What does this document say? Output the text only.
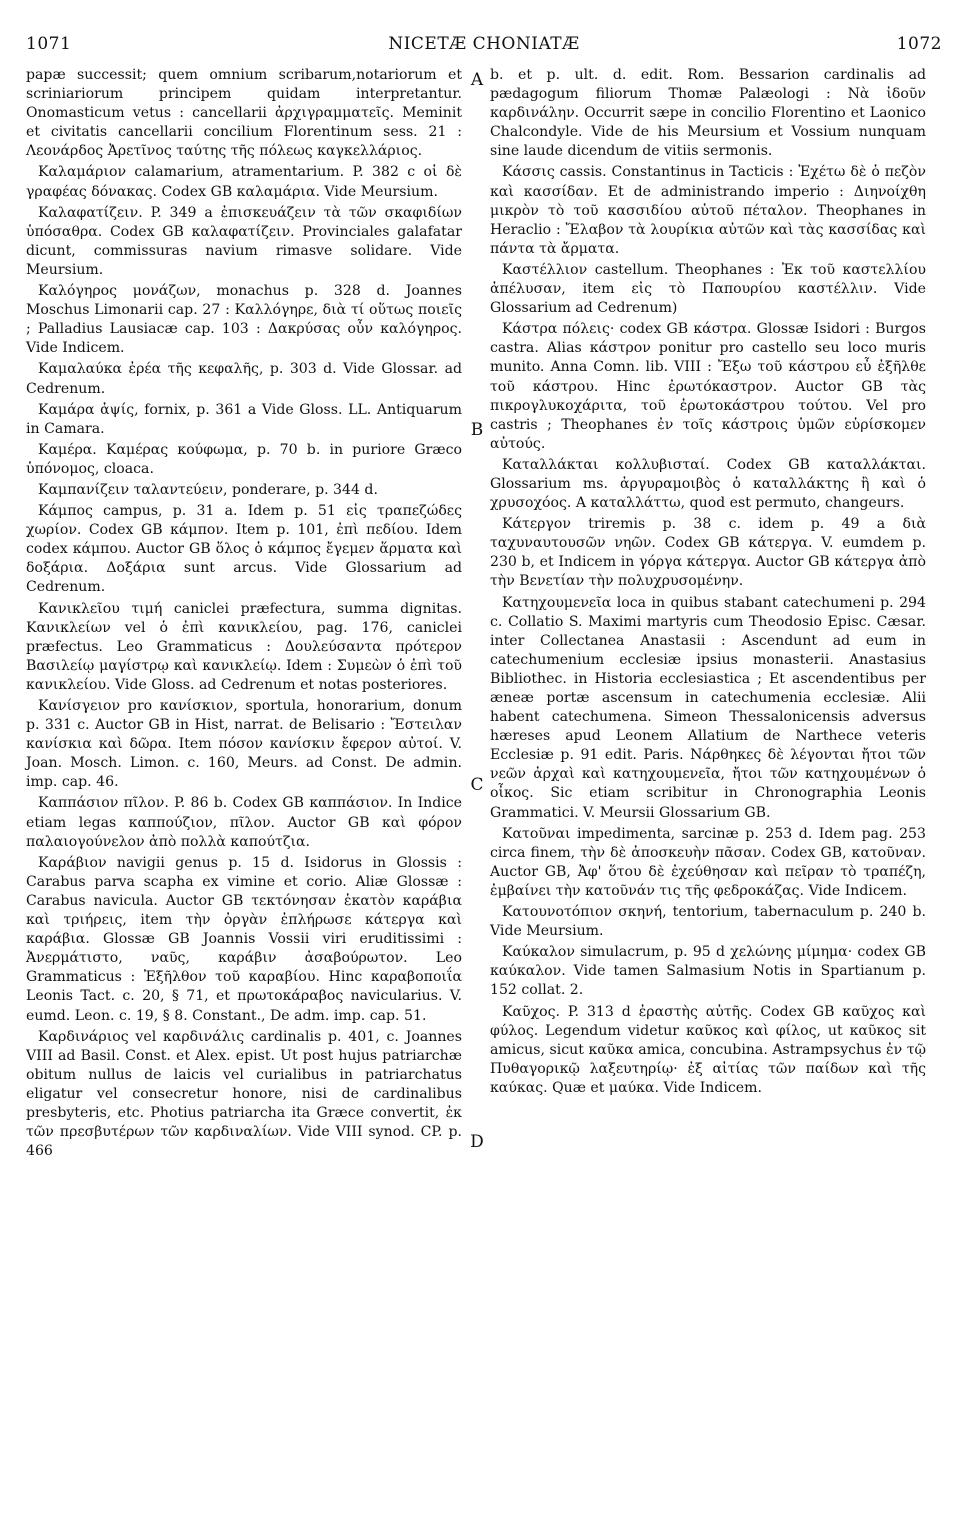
1071	NICETÆ CHONIATÆ	1072
A
B
C
D

papæ successit; quem omnium scribarum,notariorum et scriniariorum principem quidam interpretantur. Onomasticum vetus : cancellarii ἀρχιγραμματεῖς. Meminit et civitatis cancellarii concilium Florentinum sess. 21 : Λεονάρδος Ἀρετῖνος ταύτης τῆς πόλεως καγκελλάριος.

Καλαμάριον calamarium, atramentarium. P. 382 c οἱ δὲ γραφέας δόνακας. Codex GB καλαμάρια. Vide Meursium.

Καλαφατίζειν. P. 349 a ἐπισκευάζειν τὰ τῶν σκαφιδίων ὑπόσαθρα. Codex GB καλαφατίζειν. Provinciales galafatar dicunt, commissuras navium rimasve solidare. Vide Meursium.

Καλόγηρος μονάζων, monachus p. 328 d. Joannes Moschus Limonarii cap. 27 : Καλλόγηρε, διὰ τί οὕτως ποιεῖς ; Palladius Lausiacæ cap. 103 : Δακρύσας οὖν καλόγηρος. Vide Indicem.

Καμαλαύκα ἐρέα τῆς κεφαλῆς, p. 303 d. Vide Glossar. ad Cedrenum.

Καμάρα ἀψίς, fornix, p. 361 a Vide Gloss. LL. Antiquarum in Camara.

Καμέρα. Καμέρας κούφωμα, p. 70 b. in puriore Græco ὑπόνομος, cloaca.

Καμπανίζειν ταλαντεύειν, ponderare, p. 344 d.

Κάμπος campus, p. 31 a. Idem p. 51 εἰς τραπεζώδες χωρίον. Codex GB κάμπον. Item p. 101, ἐπὶ πεδίου. Idem codex κάμπου. Auctor GB ὅλος ὁ κάμπος ἔγεμεν ἅρματα καὶ δοξάρια. Δοξάρια sunt arcus. Vide Glossarium ad Cedrenum.

Κανικλεῖου τιμή caniclei præfectura, summa dignitas. Κανικλείων vel ὁ ἐπὶ κανικλείου, pag. 176, caniclei præfectus. Leo Grammaticus : Δουλεύσαντα πρότερον Βασιλείῳ μαγίστρῳ καὶ κανικλείῳ. Idem : Συμεὼν ὁ ἐπὶ τοῦ κανικλείου. Vide Gloss. ad Cedrenum et notas posteriores.

Κανίσγειον pro κανίσκιον, sportula, honorarium, donum p. 331 c. Auctor GB in Hist, narrat. de Belisario : Ἔστειλαν κανίσκια καὶ δῶρα. Item πόσον κανίσκιν ἔφερον αὐτοί. V. Joan. Mosch. Limon. c. 160, Meurs. ad Const. De admin. imp. cap. 46.

Καππάσιον πῖλον. P. 86 b. Codex GB καππάσιον. In Indice etiam legas καππούζιον, πῖλον. Auctor GB καὶ φόρον παλαιογούνελον ἀπὸ πολλὰ καπούτζια.

Καράβιον navigii genus p. 15 d. Isidorus in Glossis : Carabus parva scapha ex vimine et corio. Aliæ Glossæ : Carabus navicula. Auctor GB τεκτόνησαν ἑκατὸν καράβια καὶ τριήρεις, item τὴν ὀργὰν ἐπλήρωσε κάτεργα καὶ καράβια. Glossæ GB Joannis Vossii viri eruditissimi : Ἀνερμάτιστο, ναῦς, καράβιν ἀσαβούρωτον. Leo Grammaticus : Ἐξῆλθον τοῦ καραβίου. Hinc καραβοποιΐα Leonis Tact. c. 20, § 71, et πρωτοκάραβος navicularius. V. eumd. Leon. c. 19, § 8. Constant., De adm. imp. cap. 51.

Καρδινάριος vel καρδινάλις cardinalis p. 401, c. Joannes VIII ad Basil. Const. et Alex. epist. Ut post hujus patriarchæ obitum nullus de laicis vel curialibus in patriarchatus eligatur vel consecretur honore, nisi de cardinalibus presbyteris, etc. Photius patriarcha ita Græce convertit, ἐκ τῶν πρεσβυτέρων τῶν καρδιναλίων. Vide VIII synod. CP. p. 466

b. et p. ult. d. edit. Rom. Bessarion cardinalis ad pædagogum filiorum Thomæ Palæologi : Νὰ ἰδοῦν καρδινάλην. Occurrit sæpe in concilio Florentino et Laonico Chalcondyle. Vide de his Meursium et Vossium nunquam sine laude dicendum de vitiis sermonis.

Κάσσις cassis. Constantinus in Tacticis : Ἐχέτω δὲ ὁ πεζὸν καὶ κασσίδαν. Et de administrando imperio : Διηνοίχθη μικρὸν τὸ τοῦ κασσιδίου αὐτοῦ πέταλον. Theophanes in Heraclio : Ἔλαβον τὰ λουρίκια αὐτῶν καὶ τὰς κασσίδας καὶ πάντα τὰ ἄρματα.

Καστέλλιον castellum. Theophanes : Ἐκ τοῦ καστελλίου ἀπέλυσαν, item εἰς τὸ Παπουρίου καστέλλιν. Vide Glossarium ad Cedrenum)

Κάστρα πόλεις· codex GB κάστρα. Glossæ Isidori : Burgos castra. Alias κάστρον ponitur pro castello seu loco muris munito. Anna Comn. lib. VIII : Ἔξω τοῦ κάστρου εὖ ἐξῆλθε τοῦ κάστρου. Hinc ἐρωτόκαστρον. Auctor GB τὰς πικρογλυκοχάριτα, τοῦ ἐρωτοκάστρου τούτου. Vel pro castris ; Theophanes ἐν τοῖς κάστροις ὑμῶν εὑρίσκομεν αὐτούς.

Καταλλάκται κολλυβισταί. Codex GB καταλλάκται. Glossarium ms. ἀργυραμοιβὸς ὁ καταλλάκτης ἢ καὶ ὁ χρυσοχόος. A καταλλάττω, quod est permuto, changeurs.

Κάτεργον triremis p. 38 c. idem p. 49 a διὰ ταχυναυτουσῶν νηῶν. Codex GB κάτεργα. V. eumdem p. 230 b, et Indicem in γόργα κάτεργα. Auctor GB κάτεργα ἀπὸ τὴν Βενετίαν τὴν πολυχρυσομένην.

Κατηχουμενεῖα loca in quibus stabant catechumeni p. 294 c. Collatio S. Maximi martyris cum Theodosio Episc. Cæsar. inter Collectanea Anastasii : Ascendunt ad eum in catechumenium ecclesiæ ipsius monasterii. Anastasius Bibliothec. in Historia ecclesiastica ; Et ascendentibus per æneæ portæ ascensum in catechumenia ecclesiæ. Alii habent catechumena. Simeon Thessalonicensis adversus hæreses apud Leonem Allatium de Narthece veteris Ecclesiæ p. 91 edit. Paris. Νάρθηκες δὲ λέγονται ἤτοι τῶν νεῶν ἀρχαὶ καὶ κατηχουμενεῖα, ἤτοι τῶν κατηχουμένων ὁ οἶκος. Sic etiam scribitur in Chronographia Leonis Grammatici. V. Meursii Glossarium GB.

Κατοῦναι impedimenta, sarcinæ p. 253 d. Idem pag. 253 circa finem, τὴν δὲ ἀποσκευὴν πᾶσαν. Codex GB, κατοῦναν. Auctor GB, Ἀφ' ὅτου δὲ ἐχεύθησαν καὶ πεῖραν τὸ τραπέζη, ἐμβαίνει τὴν κατοῦνάν τις τῆς φεδροκάζας. Vide Indicem.

Κατουνοτόπιον σκηνή, tentorium, tabernaculum p. 240 b. Vide Meursium.

Καύκαλον simulacrum, p. 95 d χελώνης μίμημα· codex GB καύκαλον. Vide tamen Salmasium Notis in Spartianum p. 152 collat. 2.

Καῦχος. P. 313 d ἐραστὴς αὐτῆς. Codex GB καῦχος καὶ φύλος. Legendum videtur καῦκος καὶ φίλος, ut καῦκος sit amicus, sicut καῦκα amica, concubina. Astrampsychus ἐν τῷ Πυθαγορικῷ λαξευτηρίῳ· ἐξ αἰτίας τῶν παίδων καὶ τῆς καύκας. Quæ et μαύκα. Vide Indicem.
